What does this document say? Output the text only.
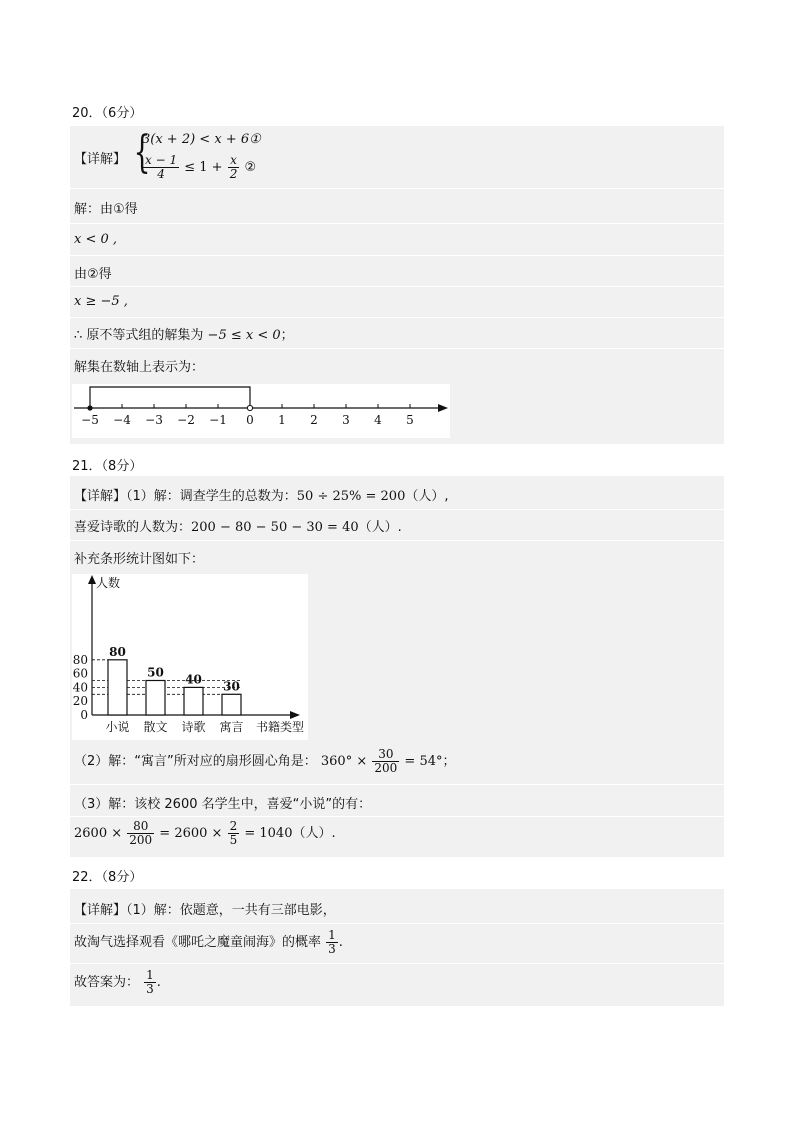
20．（6分）
【详解】 {
3(x + 2) < x + 6①
$\frac{x - 1}{4} \le 1 + \frac{x}{2}$ ②
解：由①得
x < 0 ,
由②得
x ≥ −5 ,
∴ 原不等式组的解集为 −5 ≤ x < 0；
解集在数轴上表示为：
−5 −4 −3 −2 −1 0 1 2 3 4 5
21．（8分）
【详解】（1）解：调查学生的总数为：50 ÷ 25% = 200（人）,
喜爱诗歌的人数为：200 − 80 − 50 − 30 = 40（人）.
补充条形统计图如下：
人数
0
20
40
60
80
80
小说
50
散文
40
诗歌
30
寓言 书籍类型
（2）解：“寓言”所对应的扇形圆心角是： $360^\circ \times \frac{30}{200} = 54^\circ$；
（3）解：该校 2600 名学生中，喜爱“小说”的有：
$2600 \times \frac{80}{200} = 2600 \times \frac{2}{5} = 1040$（人）.
22．（8分）
【详解】（1）解：依题意，一共有三部电影，
故淘气选择观看《哪吒之魔童闹海》的概率 $\frac{1}{3}$ .
故答案为： $\frac{1}{3}$ .
